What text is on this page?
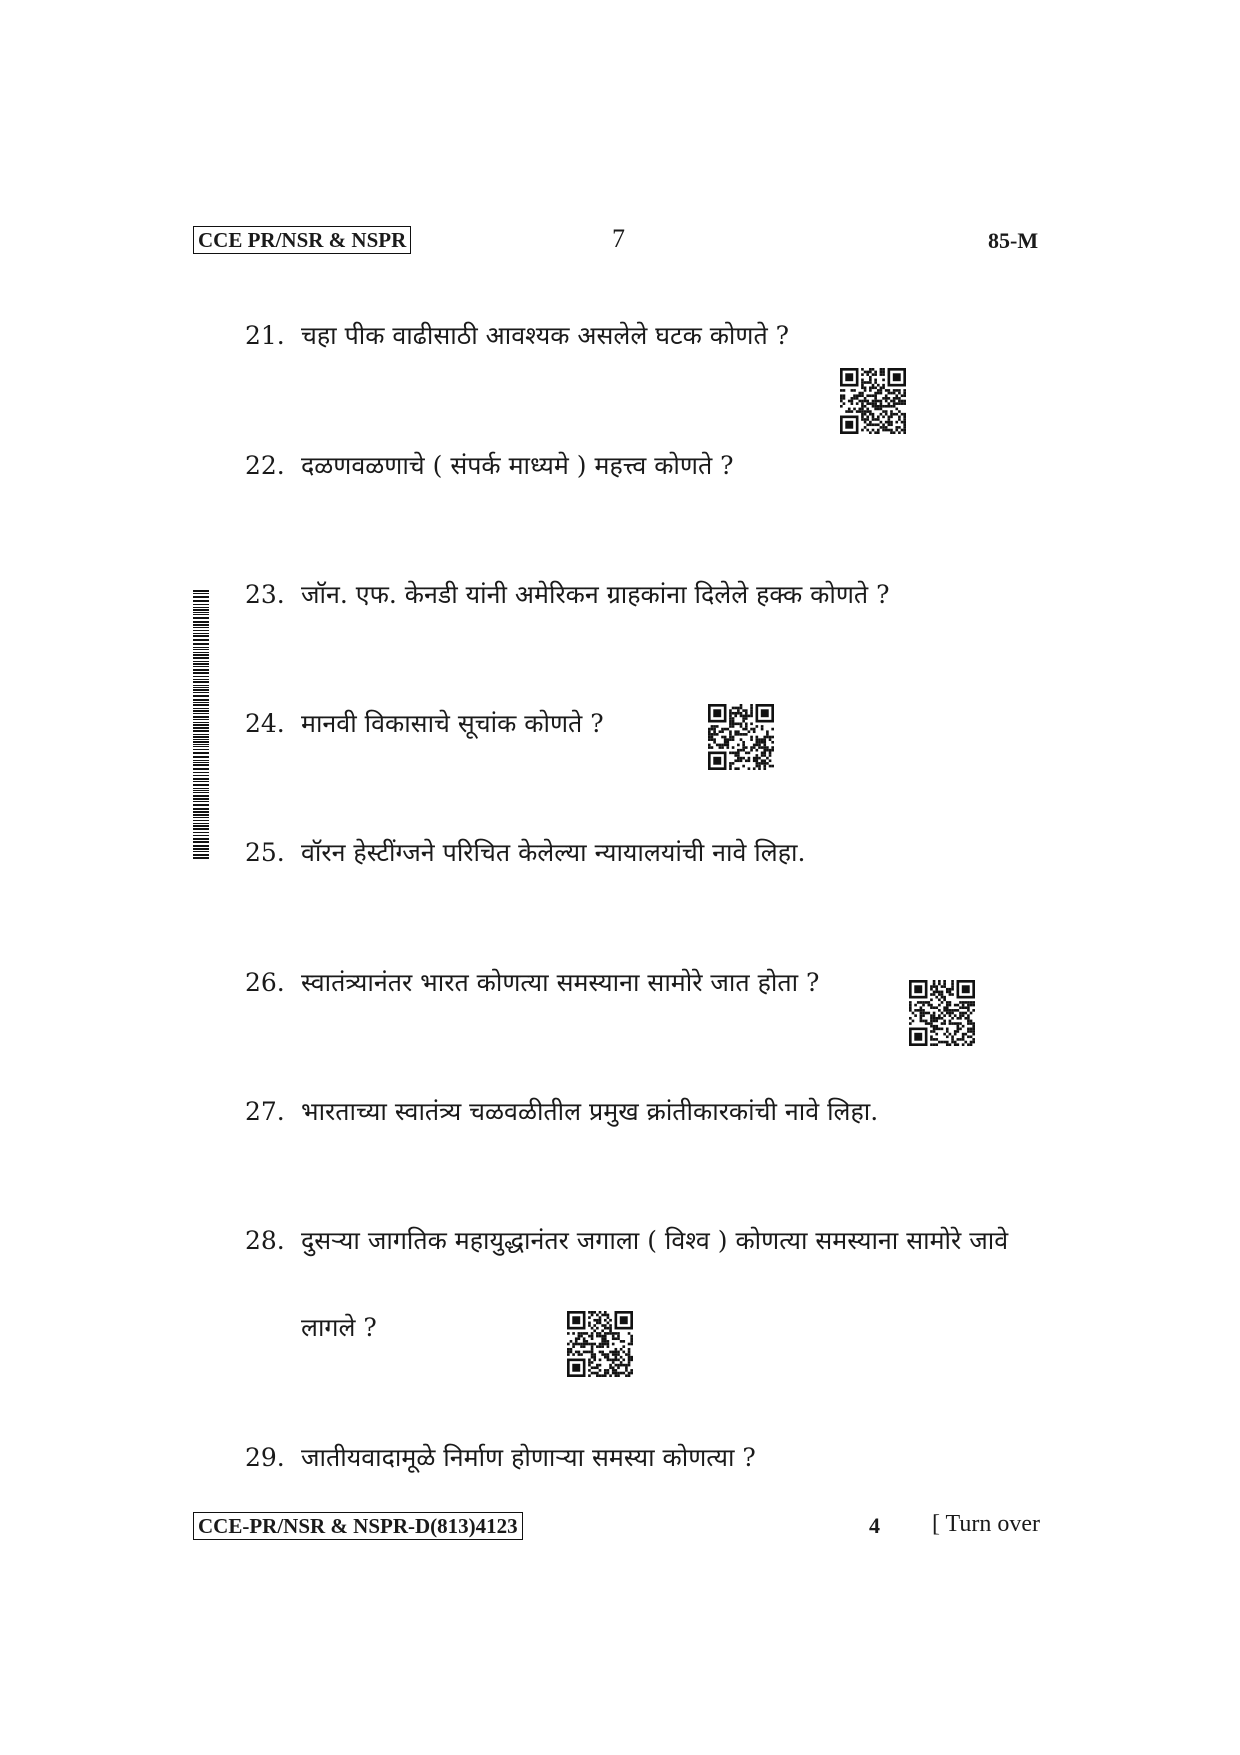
CCE PR/NSR & NSPR	7	85-M
21. चहा पीक वाढीसाठी आवश्यक असलेले घटक कोणते ?
22. दळणवळणाचे ( संपर्क माध्यमे ) महत्त्व कोणते ?
23. जॉन. एफ. केनडी यांनी अमेरिकन ग्राहकांना दिलेले हक्क कोणते ?
24. मानवी विकासाचे सूचांक कोणते ?
25. वॉरन हेस्टींग्जने परिचित केलेल्या न्यायालयांची नावे लिहा.
26. स्वातंत्र्यानंतर भारत कोणत्या समस्याना सामोरे जात होता ?
27. भारताच्या स्वातंत्र्य चळवळीतील प्रमुख क्रांतीकारकांची नावे लिहा.
28. दुसऱ्या जागतिक महायुद्धानंतर जगाला ( विश्व ) कोणत्या समस्याना सामोरे जावे
लागले ?
29. जातीयवादामूळे निर्माण होणाऱ्या समस्या कोणत्या ?
CCE-PR/NSR & NSPR-D(813)4123	4 [ Turn over
